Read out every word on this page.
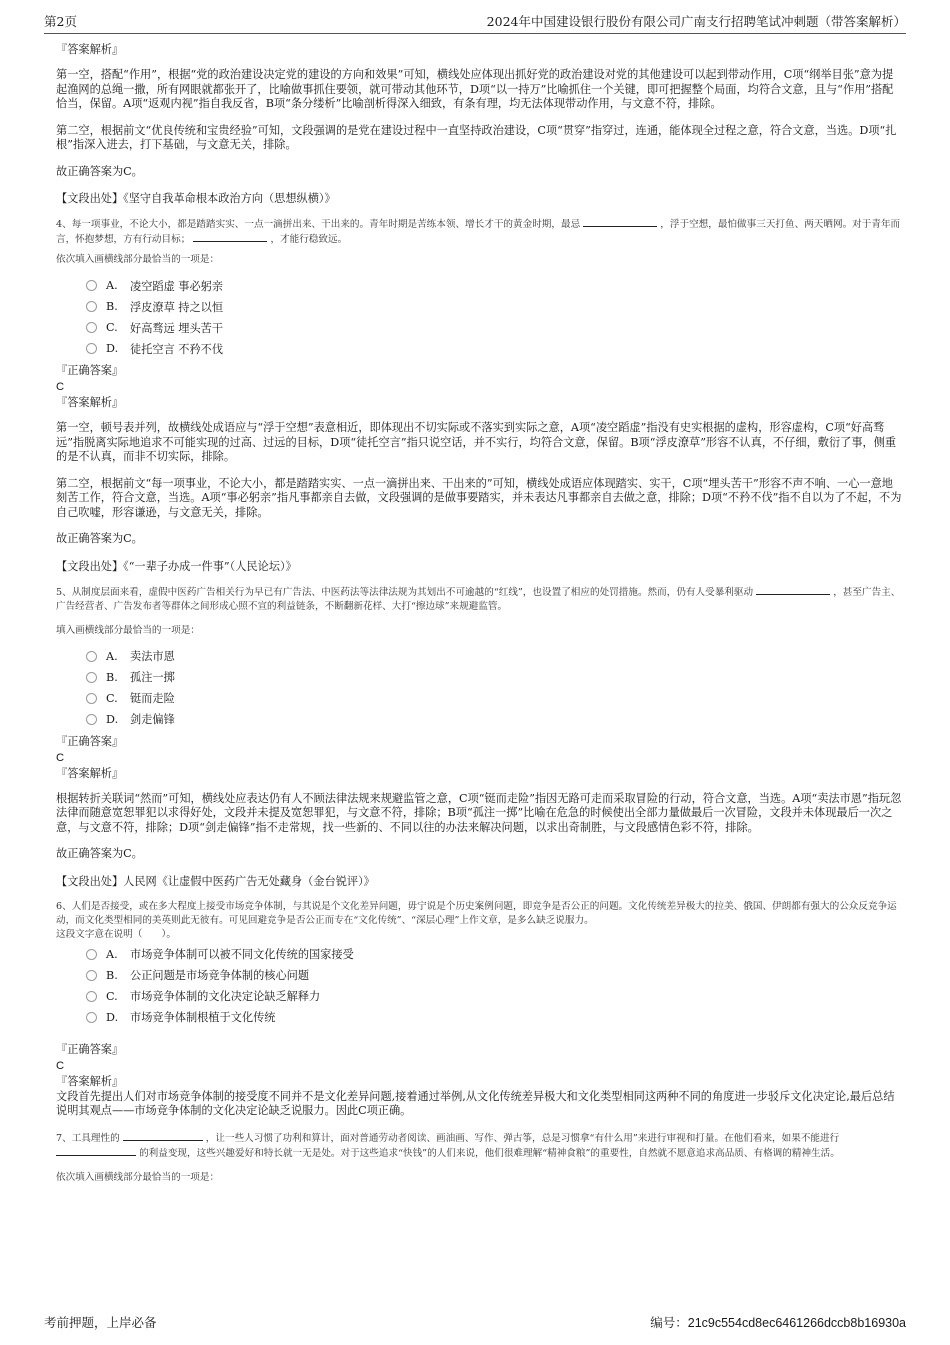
第2页	2024年中国建设银行股份有限公司广南支行招聘笔试冲刺题（带答案解析）
『答案解析』

第一空，搭配“作用”，根据“党的政治建设决定党的建设的方向和效果”可知，横线处应体现出抓好党的政治建设对党的其他建设可以起到带动作用，C项“纲举目张”意为提起渔网的总绳一撒，所有网眼就都张开了，比喻做事抓住要领，就可带动其他环节，D项“以一持万”比喻抓住一个关键，即可把握整个局面，均符合文意，且与“作用”搭配恰当，保留。A项“返观内视”指自我反省，B项“条分缕析”比喻剖析得深入细致，有条有理，均无法体现带动作用，与文意不符，排除。

第二空，根据前文“优良传统和宝贵经验”可知，文段强调的是党在建设过程中一直坚持政治建设，C项“贯穿”指穿过，连通，能体现全过程之意，符合文意，当选。D项“扎根”指深入进去，打下基础，与文意无关，排除。

故正确答案为C。

【文段出处】《坚守自我革命根本政治方向（思想纵横）》

4、每一项事业，不论大小，都是踏踏实实、一点一滴拼出来、干出来的。青年时期是苦练本领、增长才干的黄金时期，最忌	，浮于空想，最怕做事三天打鱼、两天晒网。对于青年而言，怀抱梦想，方有行动目标；	，才能行稳致远。

依次填入画横线部分最恰当的一项是：

A.	凌空蹈虚 事必躬亲
B.	浮皮潦草 持之以恒
C.	好高骛远 埋头苦干
D.	徒托空言 不矜不伐
『正确答案』
C
『答案解析』

第一空，顿号表并列，故横线处成语应与“浮于空想”表意相近，即体现出不切实际或不落实到实际之意，A项“凌空蹈虚”指没有史实根据的虚构，形容虚构，C项“好高骛远”指脱离实际地追求不可能实现的过高、过远的目标，D项“徒托空言”指只说空话，并不实行，均符合文意，保留。B项“浮皮潦草”形容不认真，不仔细，敷衍了事，侧重的是不认真，而非不切实际，排除。

第二空，根据前文“每一项事业，不论大小，都是踏踏实实、一点一滴拼出来、干出来的”可知，横线处成语应体现踏实、实干，C项“埋头苦干”形容不声不响、一心一意地刻苦工作，符合文意，当选。A项“事必躬亲”指凡事都亲自去做，文段强调的是做事要踏实，并未表达凡事都亲自去做之意，排除；D项“不矜不伐”指不自以为了不起，不为自己吹嘘，形容谦逊，与文意无关，排除。

故正确答案为C。

【文段出处】《“一辈子办成一件事”（人民论坛）》

5、从制度层面来看，虚假中医药广告相关行为早已有广告法、中医药法等法律法规为其划出不可逾越的“红线”，也设置了相应的处罚措施。然而，仍有人受暴利驱动	，甚至广告主、广告经营者、广告发布者等群体之间形成心照不宣的利益链条，不断翻新花样、大打“擦边球”来规避监管。

填入画横线部分最恰当的一项是：

A.	卖法市恩
B.	孤注一掷
C.	铤而走险
D.	剑走偏锋
『正确答案』
C
『答案解析』

根据转折关联词“然而”可知，横线处应表达仍有人不顾法律法规来规避监管之意，C项“铤而走险”指因无路可走而采取冒险的行动，符合文意，当选。A项“卖法市恩”指玩忽法律而随意宽恕罪犯以求得好处，文段并未提及宽恕罪犯，与文意不符，排除；B项“孤注一掷”比喻在危急的时候使出全部力量做最后一次冒险，文段并未体现最后一次之意，与文意不符，排除；D项“剑走偏锋”指不走常规，找一些新的、不同以往的办法来解决问题，以求出奇制胜，与文段感情色彩不符，排除。

故正确答案为C。

【文段出处】人民网《让虚假中医药广告无处藏身（金台锐评）》

6、人们是否接受，或在多大程度上接受市场竞争体制，与其说是个文化差异问题，毋宁说是个历史案例问题，即竞争是否公正的问题。文化传统差异极大的拉美、俄国、伊朗都有强大的公众反竞争运动，而文化类型相同的美英则此无彼有。可见回避竞争是否公正而专在“文化传统”、“深层心理”上作文章，是多么缺乏说服力。

这段文字意在说明（　　）。

A.	市场竞争体制可以被不同文化传统的国家接受
B.	公正问题是市场竞争体制的核心问题
C.	市场竞争体制的文化决定论缺乏解释力
D.	市场竞争体制根植于文化传统
『正确答案』
C
『答案解析』

文段首先提出人们对市场竞争体制的接受度不同并不是文化差异问题,接着通过举例,从文化传统差异极大和文化类型相同这两种不同的角度进一步驳斥文化决定论,最后总结说明其观点——市场竞争体制的文化决定论缺乏说服力。因此C项正确。

7、工具理性的	，让一些人习惯了功利和算计，面对普通劳动者阅读、画油画、写作、弹古筝，总是习惯拿“有什么用”来进行审视和打量。在他们看来，如果不能进行  的利益变现，这些兴趣爱好和特长就一无是处。对于这些追求“快钱”的人们来说，他们很难理解“精神食粮”的重要性，自然就不愿意追求高品质、有格调的精神生活。

依次填入画横线部分最恰当的一项是：

考前押题，上岸必备	编号：21c9c554cd8ec6461266dccb8b16930a
